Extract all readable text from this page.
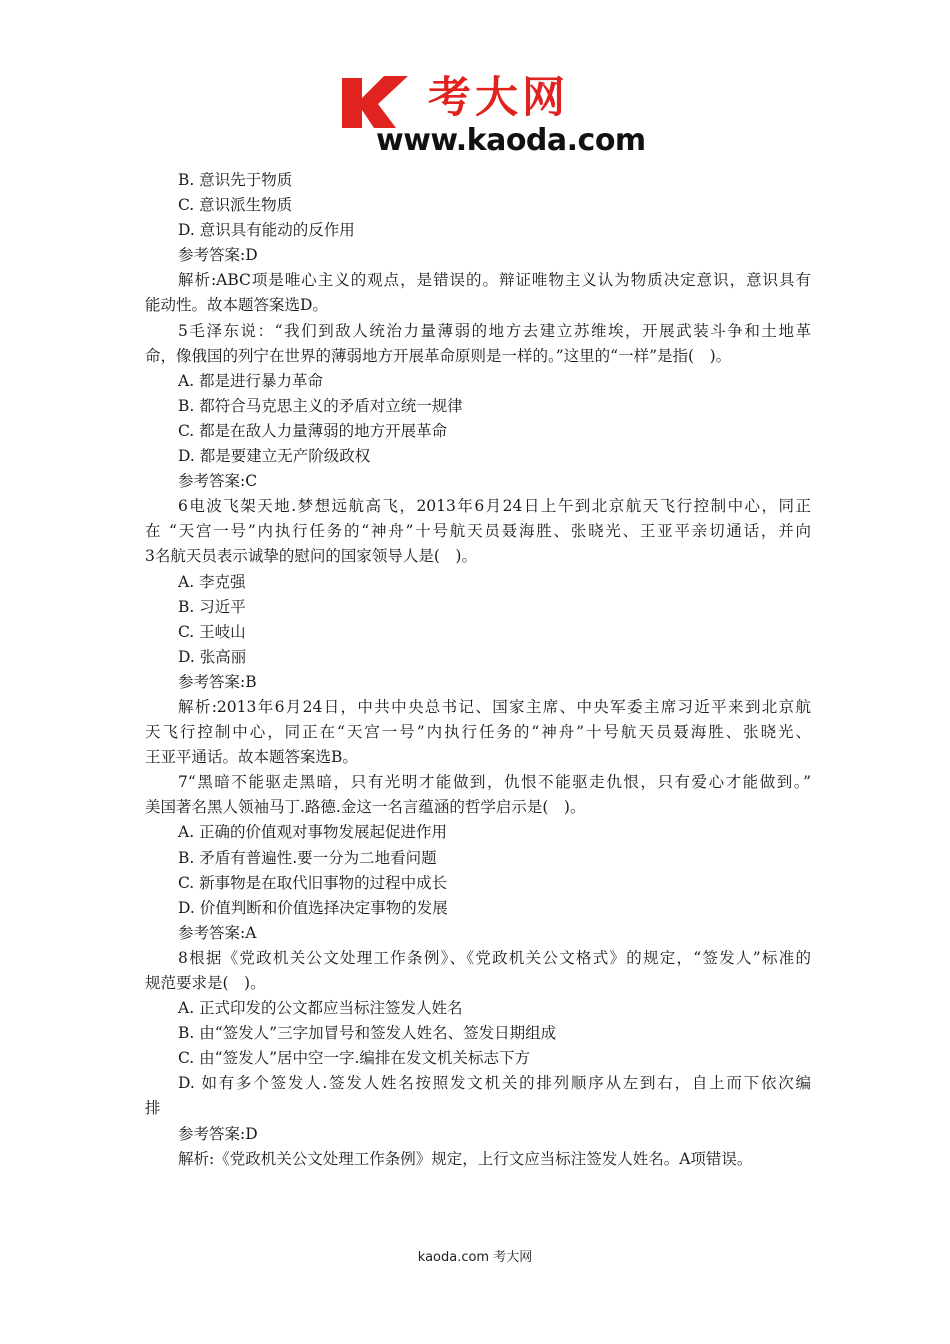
考大网
www.kaoda.com
B. 意识先于物质
C. 意识派生物质
D. 意识具有能动的反作用
参考答案:D
解析:ABC项是唯心主义的观点，是错误的。辩证唯物主义认为物质决定意识，意识具有
能动性。故本题答案选D。
5毛泽东说：“我们到敌人统治力量薄弱的地方去建立苏维埃，开展武装斗争和土地革
命，像俄国的列宁在世界的薄弱地方开展革命原则是一样的。”这里的“一样”是指(　)。
A. 都是进行暴力革命
B. 都符合马克思主义的矛盾对立统一规律
C. 都是在敌人力量薄弱的地方开展革命
D. 都是要建立无产阶级政权
参考答案:C
6电波飞架天地.梦想远航高飞，2013年6月24日上午到北京航天飞行控制中心，同正
在 “天宫一号”内执行任务的“神舟”十号航天员聂海胜、张晓光、王亚平亲切通话，并向
3名航天员表示诚挚的慰问的国家领导人是(　)。
A. 李克强
B. 习近平
C. 王岐山
D. 张高丽
参考答案:B
解析:2013年6月24日，中共中央总书记、国家主席、中央军委主席习近平来到北京航
天飞行控制中心，同正在“天宫一号”内执行任务的“神舟”十号航天员聂海胜、张晓光、
王亚平通话。故本题答案选B。
7“黑暗不能驱走黑暗，只有光明才能做到，仇恨不能驱走仇恨，只有爱心才能做到。”
美国著名黑人领袖马丁.路德.金这一名言蕴涵的哲学启示是(　)。
A. 正确的价值观对事物发展起促进作用
B. 矛盾有普遍性.要一分为二地看问题
C. 新事物是在取代旧事物的过程中成长
D. 价值判断和价值选择决定事物的发展
参考答案:A
8根据《党政机关公文处理工作条例》、《党政机关公文格式》的规定，“签发人”标准的
规范要求是(　)。
A. 正式印发的公文都应当标注签发人姓名
B. 由“签发人”三字加冒号和签发人姓名、签发日期组成
C. 由“签发人”居中空一字.编排在发文机关标志下方
D. 如有多个签发人.签发人姓名按照发文机关的排列顺序从左到右，自上而下依次编
排
参考答案:D
解析:《党政机关公文处理工作条例》规定，上行文应当标注签发人姓名。A项错误。
kaoda.com 考大网
